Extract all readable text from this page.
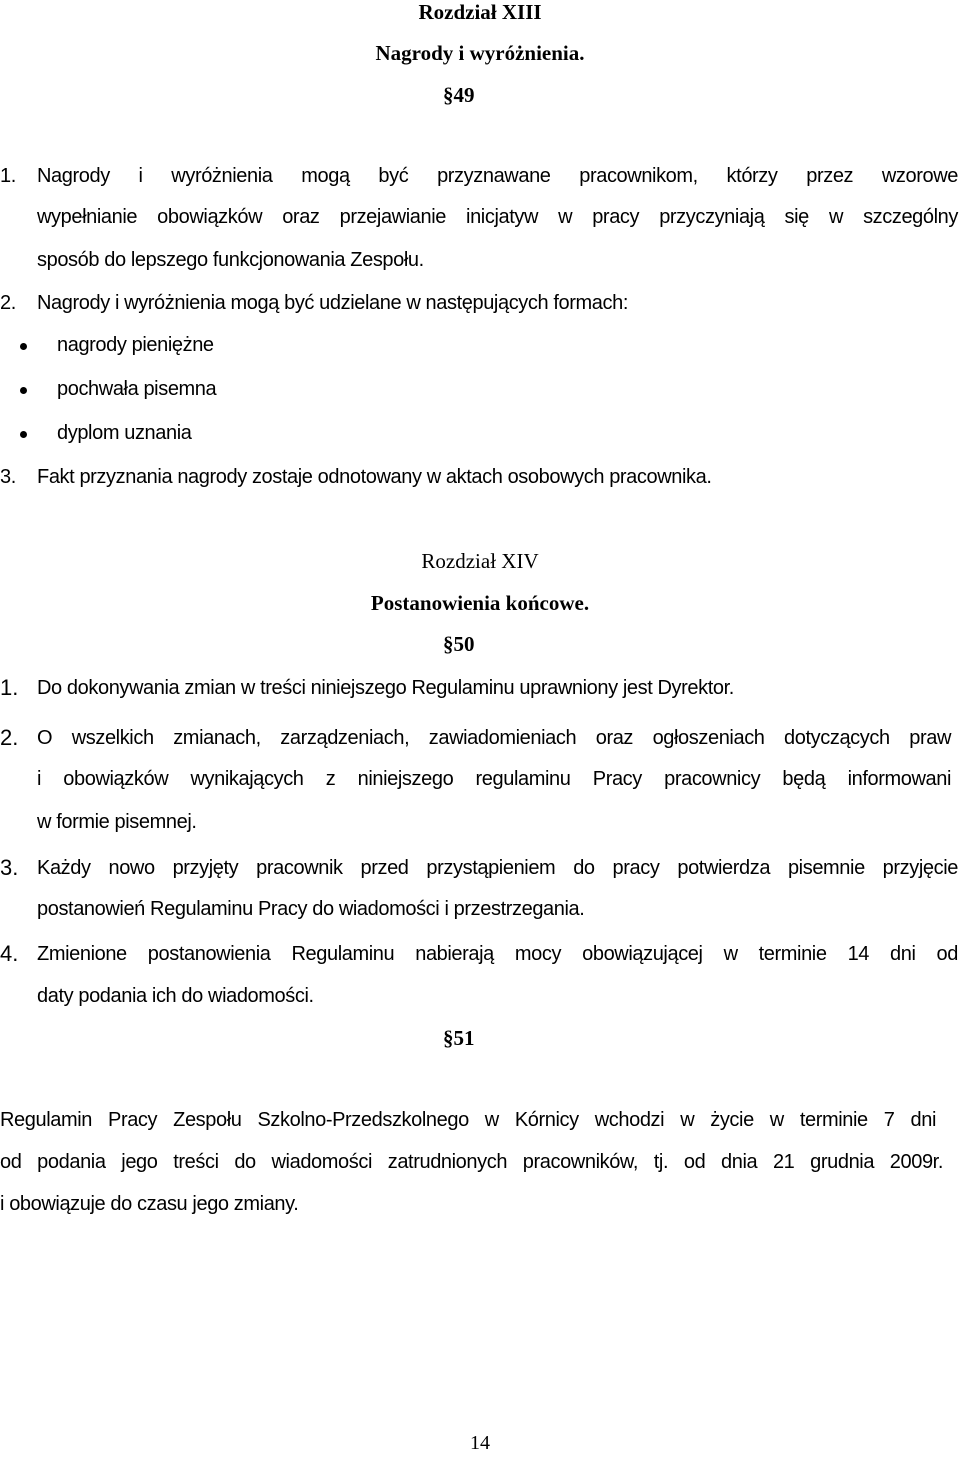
Rozdział XIII
Nagrody i wyróżnienia.
§49
1. Nagrody i wyróżnienia mogą być przyznawane pracownikom, którzy przez wzorowe
wypełnianie obowiązków oraz przejawianie inicjatyw w pracy przyczyniają się w szczególny
sposób do lepszego funkcjonowania Zespołu.
2. Nagrody i wyróżnienia mogą być udzielane w następujących formach:
nagrody pieniężne
pochwała pisemna
dyplom uznania
3. Fakt przyznania nagrody zostaje odnotowany w aktach osobowych pracownika.
Rozdział XIV
Postanowienia końcowe.
§50
1. Do dokonywania zmian w treści niniejszego Regulaminu uprawniony jest Dyrektor.
2. O wszelkich zmianach, zarządzeniach, zawiadomieniach oraz ogłoszeniach dotyczących praw
i obowiązków wynikających z niniejszego regulaminu Pracy pracownicy będą informowani
w formie pisemnej.
3. Każdy nowo przyjęty pracownik przed przystąpieniem do pracy potwierdza pisemnie przyjęcie
postanowień Regulaminu Pracy do wiadomości i przestrzegania.
4. Zmienione postanowienia Regulaminu nabierają mocy obowiązującej w terminie 14 dni od
daty podania ich do wiadomości.
§51
Regulamin Pracy Zespołu Szkolno-Przedszkolnego w Kórnicy wchodzi w życie w terminie 7 dni
od podania jego treści do wiadomości zatrudnionych pracowników, tj. od dnia 21 grudnia 2009r.
i obowiązuje do czasu jego zmiany.
14
